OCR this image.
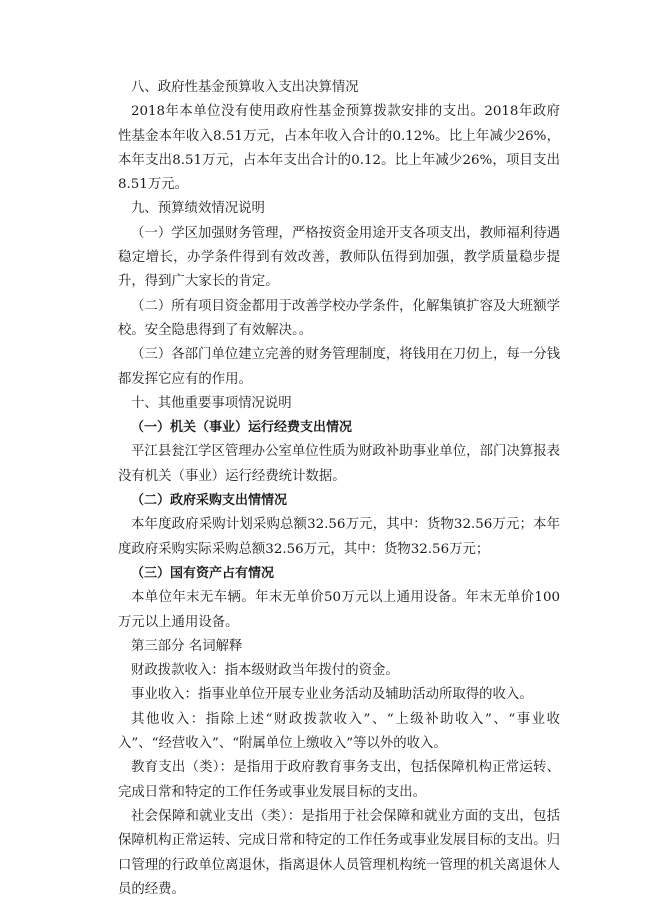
八、政府性基金预算收入支出决算情况

2018年本单位没有使用政府性基金预算拨款安排的支出。2018年政府性基金本年收入8.51万元，占本年收入合计的0.12%。比上年减少26%，本年支出8.51万元，占本年支出合计的0.12。比上年减少26%，项目支出8.51万元。

九、预算绩效情况说明

（一）学区加强财务管理，严格按资金用途开支各项支出，教师福利待遇稳定增长，办学条件得到有效改善，教师队伍得到加强，教学质量稳步提升，得到广大家长的肯定。

（二）所有项目资金都用于改善学校办学条件，化解集镇扩容及大班额学校。安全隐患得到了有效解决。。

（三）各部门单位建立完善的财务管理制度，将钱用在刀仞上，每一分钱都发挥它应有的作用。

十、其他重要事项情况说明

（一）机关（事业）运行经费支出情况

平江县瓮江学区管理办公室单位性质为财政补助事业单位，部门决算报表没有机关（事业）运行经费统计数据。

（二）政府采购支出情情况

本年度政府采购计划采购总额32.56万元，其中：货物32.56万元；本年度政府采购实际采购总额32.56万元，其中：货物32.56万元；

（三）国有资产占有情况

本单位年末无车辆。年末无单价50万元以上通用设备。年末无单价100万元以上通用设备。

第三部分 名词解释

财政拨款收入：指本级财政当年拨付的资金。

事业收入：指事业单位开展专业业务活动及辅助活动所取得的收入。

其他收入：指除上述“财政拨款收入”、“上级补助收入”、“事业收入”、“经营收入”、“附属单位上缴收入”等以外的收入。

教育支出（类）：是指用于政府教育事务支出，包括保障机构正常运转、完成日常和特定的工作任务或事业发展目标的支出。

社会保障和就业支出（类）：是指用于社会保障和就业方面的支出，包括保障机构正常运转、完成日常和特定的工作任务或事业发展目标的支出。归口管理的行政单位离退休，指离退休人员管理机构统一管理的机关离退休人员的经费。
